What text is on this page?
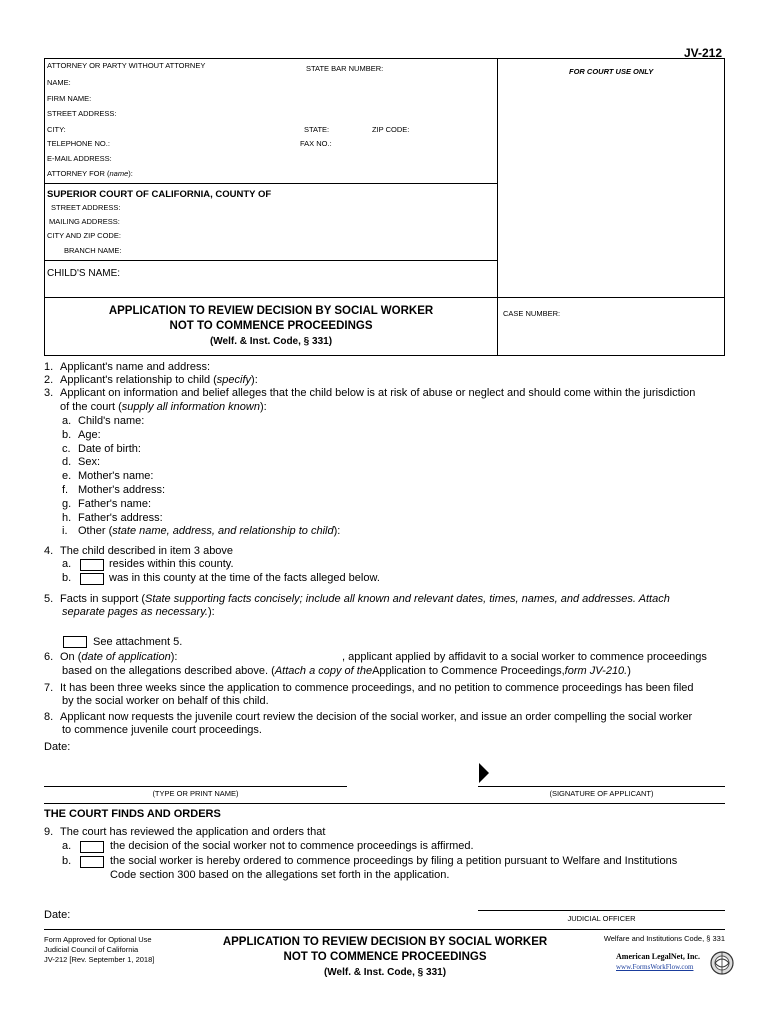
JV-212
ATTORNEY OR PARTY WITHOUT ATTORNEY	STATE BAR NUMBER:	FOR COURT USE ONLY
NAME:
FIRM NAME:
STREET ADDRESS:
CITY:	STATE:	ZIP CODE:
TELEPHONE NO.:	FAX NO.:
E-MAIL ADDRESS:
ATTORNEY FOR (name):
SUPERIOR COURT OF CALIFORNIA, COUNTY OF
STREET ADDRESS:
MAILING ADDRESS:
CITY AND ZIP CODE:
BRANCH NAME:
CHILD'S NAME:
APPLICATION TO REVIEW DECISION BY SOCIAL WORKER
NOT TO COMMENCE PROCEEDINGS
(Welf. & Inst. Code, § 331)
CASE NUMBER:
1. Applicant's name and address:
2. Applicant's relationship to child (specify):
3. Applicant on information and belief alleges that the child below is at risk of abuse or neglect and should come within the jurisdiction
of the court ( supply all information known ):
a. Child's name:
b. Age:
c. Date of birth:
d. Sex:
e. Mother's name:
f. Mother's address:
g. Father's name:
h. Father's address:
i. Other (state name, address, and relationship to child):
4. The child described in item 3 above
a.	resides within this county.
b.	was in this county at the time of the facts alleged below.
5. Facts in support (State supporting facts concisely; include all known and relevant dates, times, names, and addresses. Attach
separate pages as necessary. ):
See attachment 5.
6. On (date of application):	, applicant applied by affidavit to a social worker to commence proceedings
based on the allegations described above. ( Attach a copy of the Application to Commence Proceedings, form JV-210. )
7. It has been three weeks since the application to commence proceedings, and no petition to commence proceedings has been filed
by the social worker on behalf of this child.
8. Applicant now requests the juvenile court review the decision of the social worker, and issue an order compelling the social worker
to commence juvenile court proceedings.
Date:
(TYPE OR PRINT NAME)	(SIGNATURE OF APPLICANT)
THE COURT FINDS AND ORDERS
9. The court has reviewed the application and orders that
a.	the decision of the social worker not to commence proceedings is affirmed.
b.	the social worker is hereby ordered to commence proceedings by filing a petition pursuant to Welfare and Institutions
Code section 300 based on the allegations set forth in the application.
Date:	JUDICIAL OFFICER
Form Approved for Optional Use
Judicial Council of California
JV-212 [Rev. September 1, 2018]
APPLICATION TO REVIEW DECISION BY SOCIAL WORKER
NOT TO COMMENCE PROCEEDINGS
(Welf. & Inst. Code, § 331)
Welfare and Institutions Code, § 331
American LegalNet, Inc.
www.FormsWorkFlow.com
